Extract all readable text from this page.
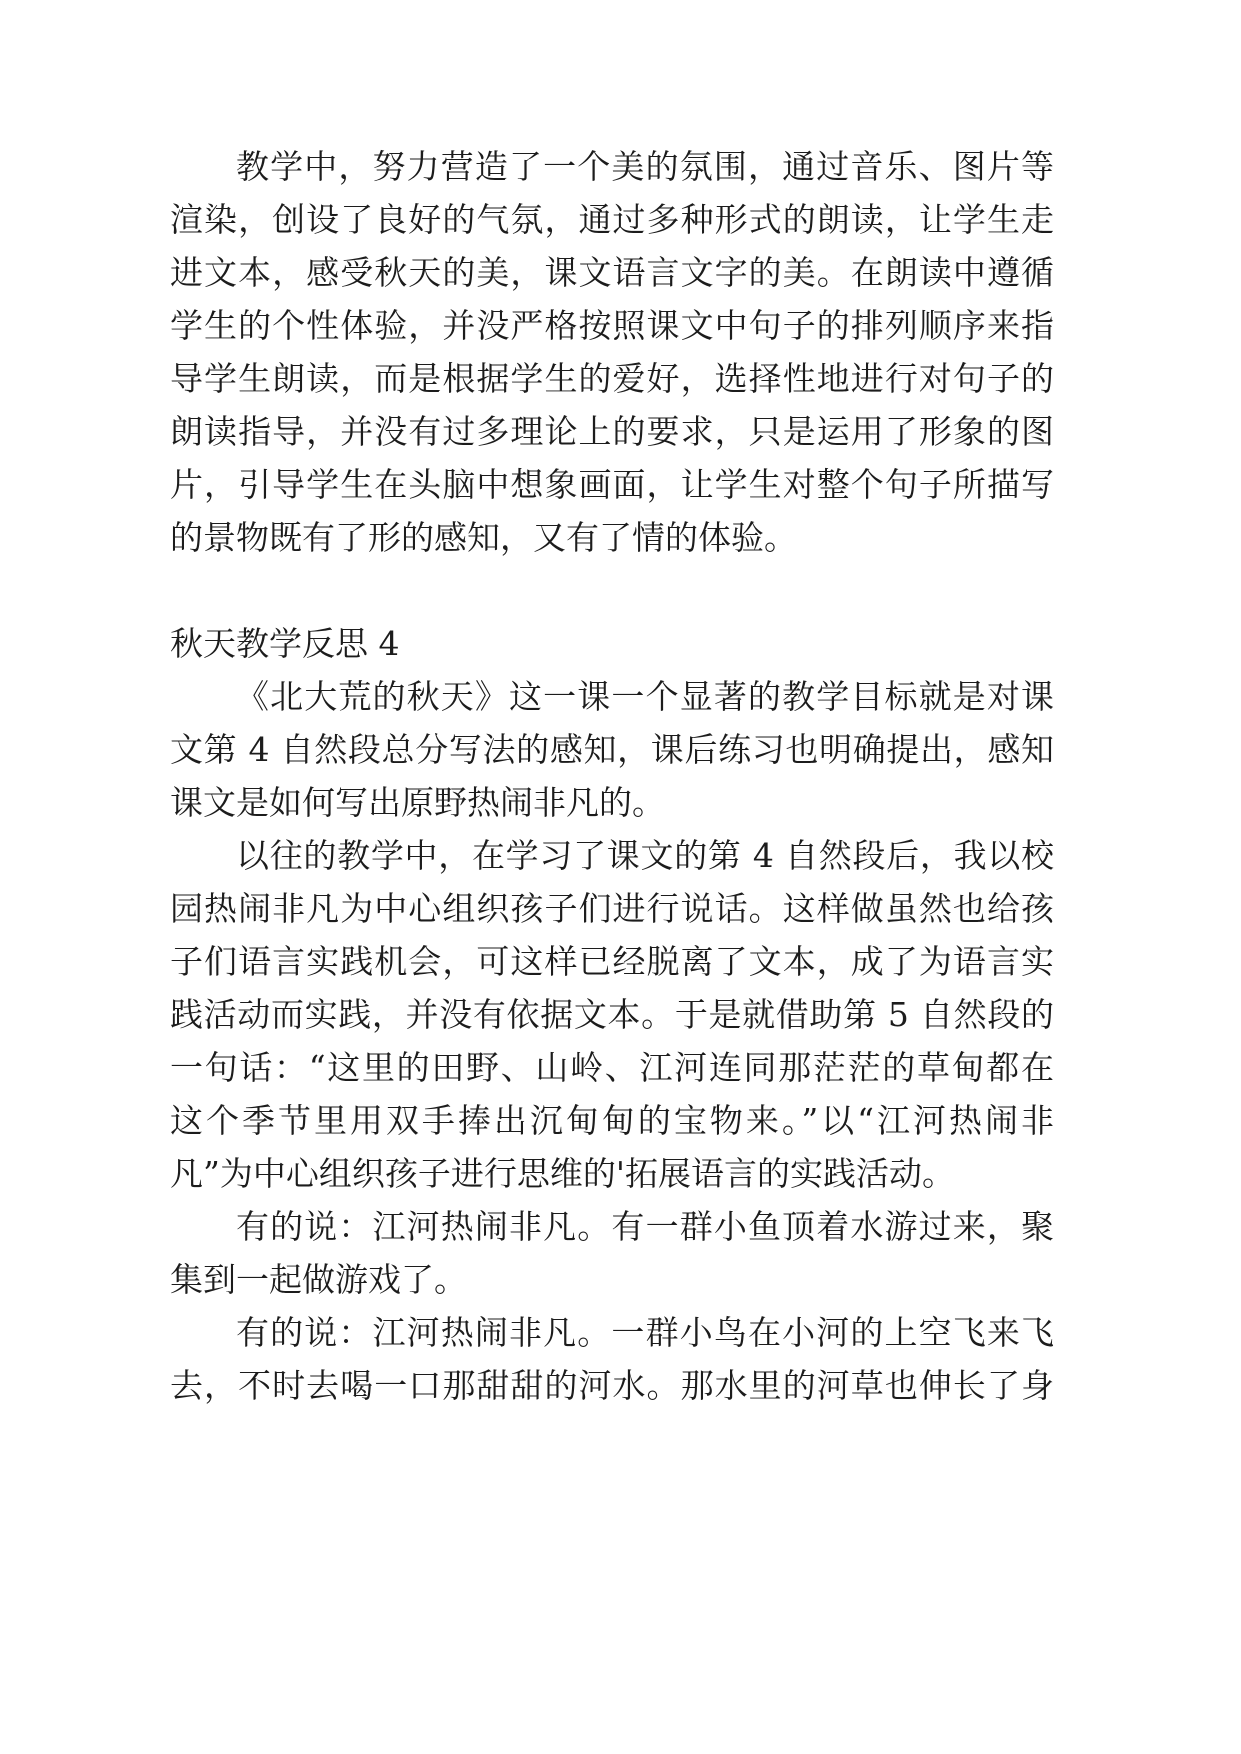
教学中，努力营造了一个美的氛围，通过音乐、图片等
渲染，创设了良好的气氛，通过多种形式的朗读，让学生走
进文本，感受秋天的美，课文语言文字的美。在朗读中遵循
学生的个性体验，并没严格按照课文中句子的排列顺序来指
导学生朗读，而是根据学生的爱好，选择性地进行对句子的
朗读指导，并没有过多理论上的要求，只是运用了形象的图
片，引导学生在头脑中想象画面，让学生对整个句子所描写
的景物既有了形的感知，又有了情的体验。
秋天教学反思 4
《北大荒的秋天》这一课一个显著的教学目标就是对课
文第 4 自然段总分写法的感知，课后练习也明确提出，感知
课文是如何写出原野热闹非凡的。
以往的教学中，在学习了课文的第 4 自然段后，我以校
园热闹非凡为中心组织孩子们进行说话。这样做虽然也给孩
子们语言实践机会，可这样已经脱离了文本，成了为语言实
践活动而实践，并没有依据文本。于是就借助第 5 自然段的
一句话：“这里的田野、山岭、江河连同那茫茫的草甸都在
这个季节里用双手捧出沉甸甸的宝物来。”以“江河热闹非
凡”为中心组织孩子进行思维的'拓展语言的实践活动。
有的说：江河热闹非凡。有一群小鱼顶着水游过来，聚
集到一起做游戏了。
有的说：江河热闹非凡。一群小鸟在小河的上空飞来飞
去，不时去喝一口那甜甜的河水。那水里的河草也伸长了身
